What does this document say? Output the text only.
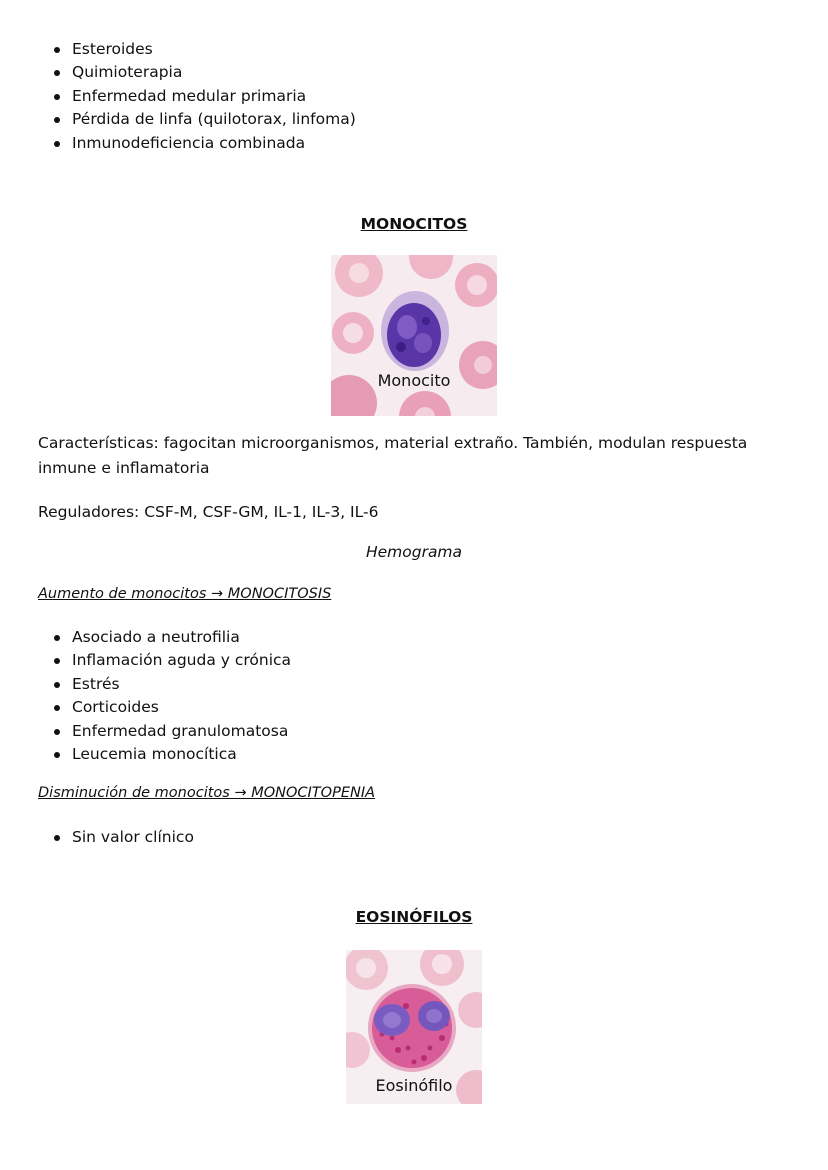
Esteroides
Quimioterapia
Enfermedad medular primaria
Pérdida de linfa (quilotorax, linfoma)
Inmunodeficiencia combinada
MONOCITOS
Monocito

Características: fagocitan microorganismos, material extraño. También, modulan respuesta inmune e inflamatoria

Reguladores: CSF-M, CSF-GM, IL-1, IL-3, IL-6

Hemograma
Aumento de monocitos → MONOCITOSIS
Asociado a neutrofilia
Inflamación aguda y crónica
Estrés
Corticoides
Enfermedad granulomatosa
Leucemia monocítica
Disminución de monocitos → MONOCITOPENIA
Sin valor clínico
EOSINÓFILOS
Eosinófilo
